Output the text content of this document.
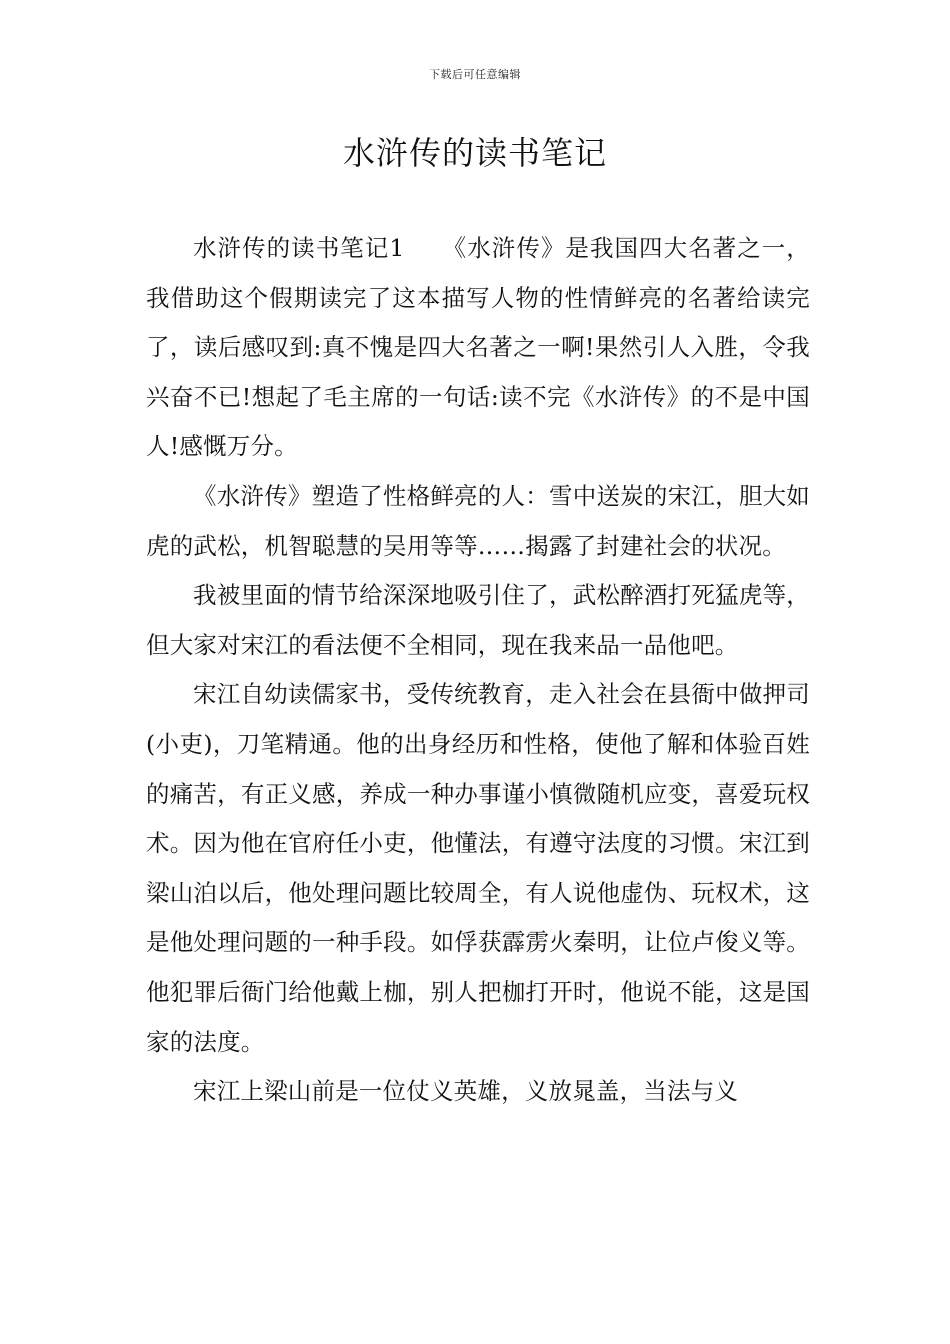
下载后可任意编辑
水浒传的读书笔记

水浒传的读书笔记1　　《水浒传》是我国四大名著之一，我借助这个假期读完了这本描写人物的性情鲜亮的名著给读完了，读后感叹到:真不愧是四大名著之一啊!果然引人入胜，令我兴奋不已!想起了毛主席的一句话:读不完《水浒传》的不是中国人!感慨万分。

《水浒传》塑造了性格鲜亮的人：雪中送炭的宋江，胆大如虎的武松，机智聪慧的吴用等等……揭露了封建社会的状况。

我被里面的情节给深深地吸引住了，武松醉酒打死猛虎等，但大家对宋江的看法便不全相同，现在我来品一品他吧。

宋江自幼读儒家书，受传统教育，走入社会在县衙中做押司(小吏)，刀笔精通。他的出身经历和性格，使他了解和体验百姓的痛苦，有正义感，养成一种办事谨小慎微随机应变，喜爱玩权术。因为他在官府任小吏，他懂法，有遵守法度的习惯。宋江到梁山泊以后，他处理问题比较周全，有人说他虚伪、玩权术，这是他处理问题的一种手段。如俘获霹雳火秦明，让位卢俊义等。他犯罪后衙门给他戴上枷，别人把枷打开时，他说不能，这是国家的法度。

宋江上梁山前是一位仗义英雄，义放晁盖，当法与义
